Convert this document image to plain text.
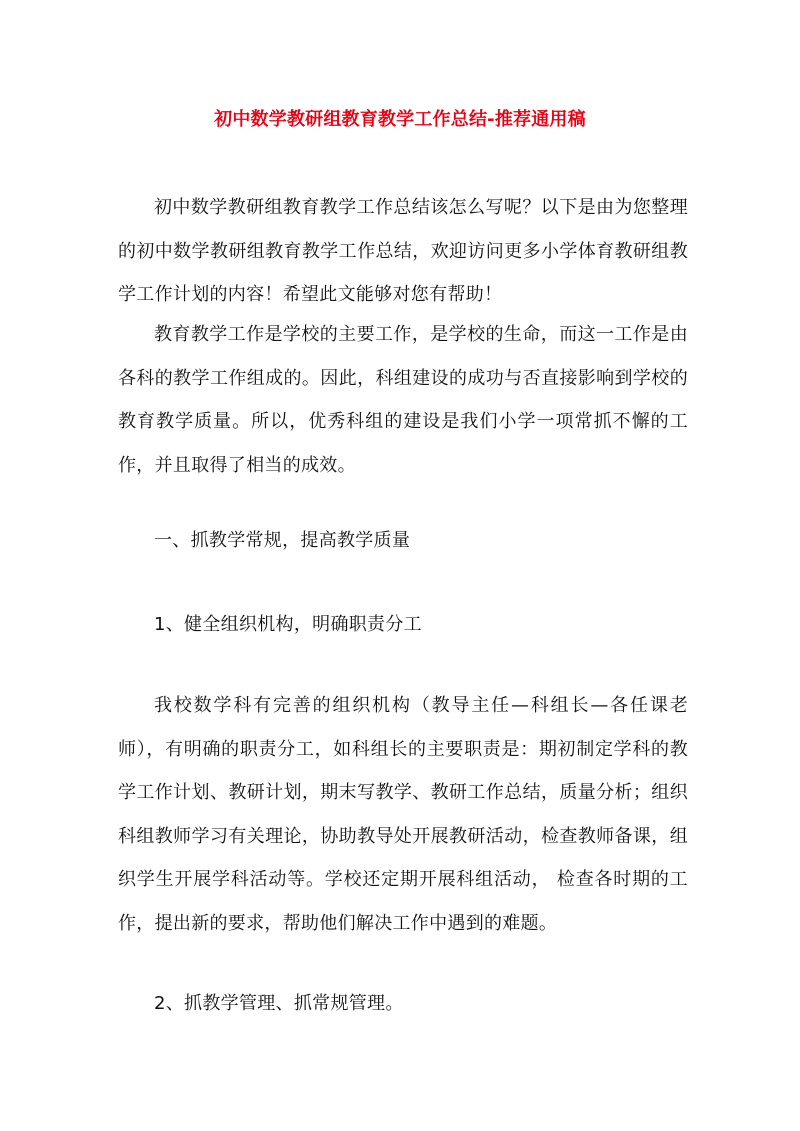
初中数学教研组教育教学工作总结-推荐通用稿

初中数学教研组教育教学工作总结该怎么写呢？以下是由为您整理的初中数学教研组教育教学工作总结，欢迎访问更多小学体育教研组教学工作计划的内容！希望此文能够对您有帮助！

教育教学工作是学校的主要工作，是学校的生命，而这一工作是由各科的教学工作组成的。因此，科组建设的成功与否直接影响到学校的教育教学质量。所以，优秀科组的建设是我们小学一项常抓不懈的工作，并且取得了相当的成效。

一、抓教学常规，提高教学质量

1、健全组织机构，明确职责分工

我校数学科有完善的组织机构（教导主任—科组长—各任课老师），有明确的职责分工，如科组长的主要职责是：期初制定学科的教学工作计划、教研计划，期末写教学、教研工作总结，质量分析；组织科组教师学习有关理论，协助教导处开展教研活动，检查教师备课，组织学生开展学科活动等。学校还定期开展科组活动， 检查各时期的工作，提出新的要求，帮助他们解决工作中遇到的难题。

2、抓教学管理、抓常规管理。
